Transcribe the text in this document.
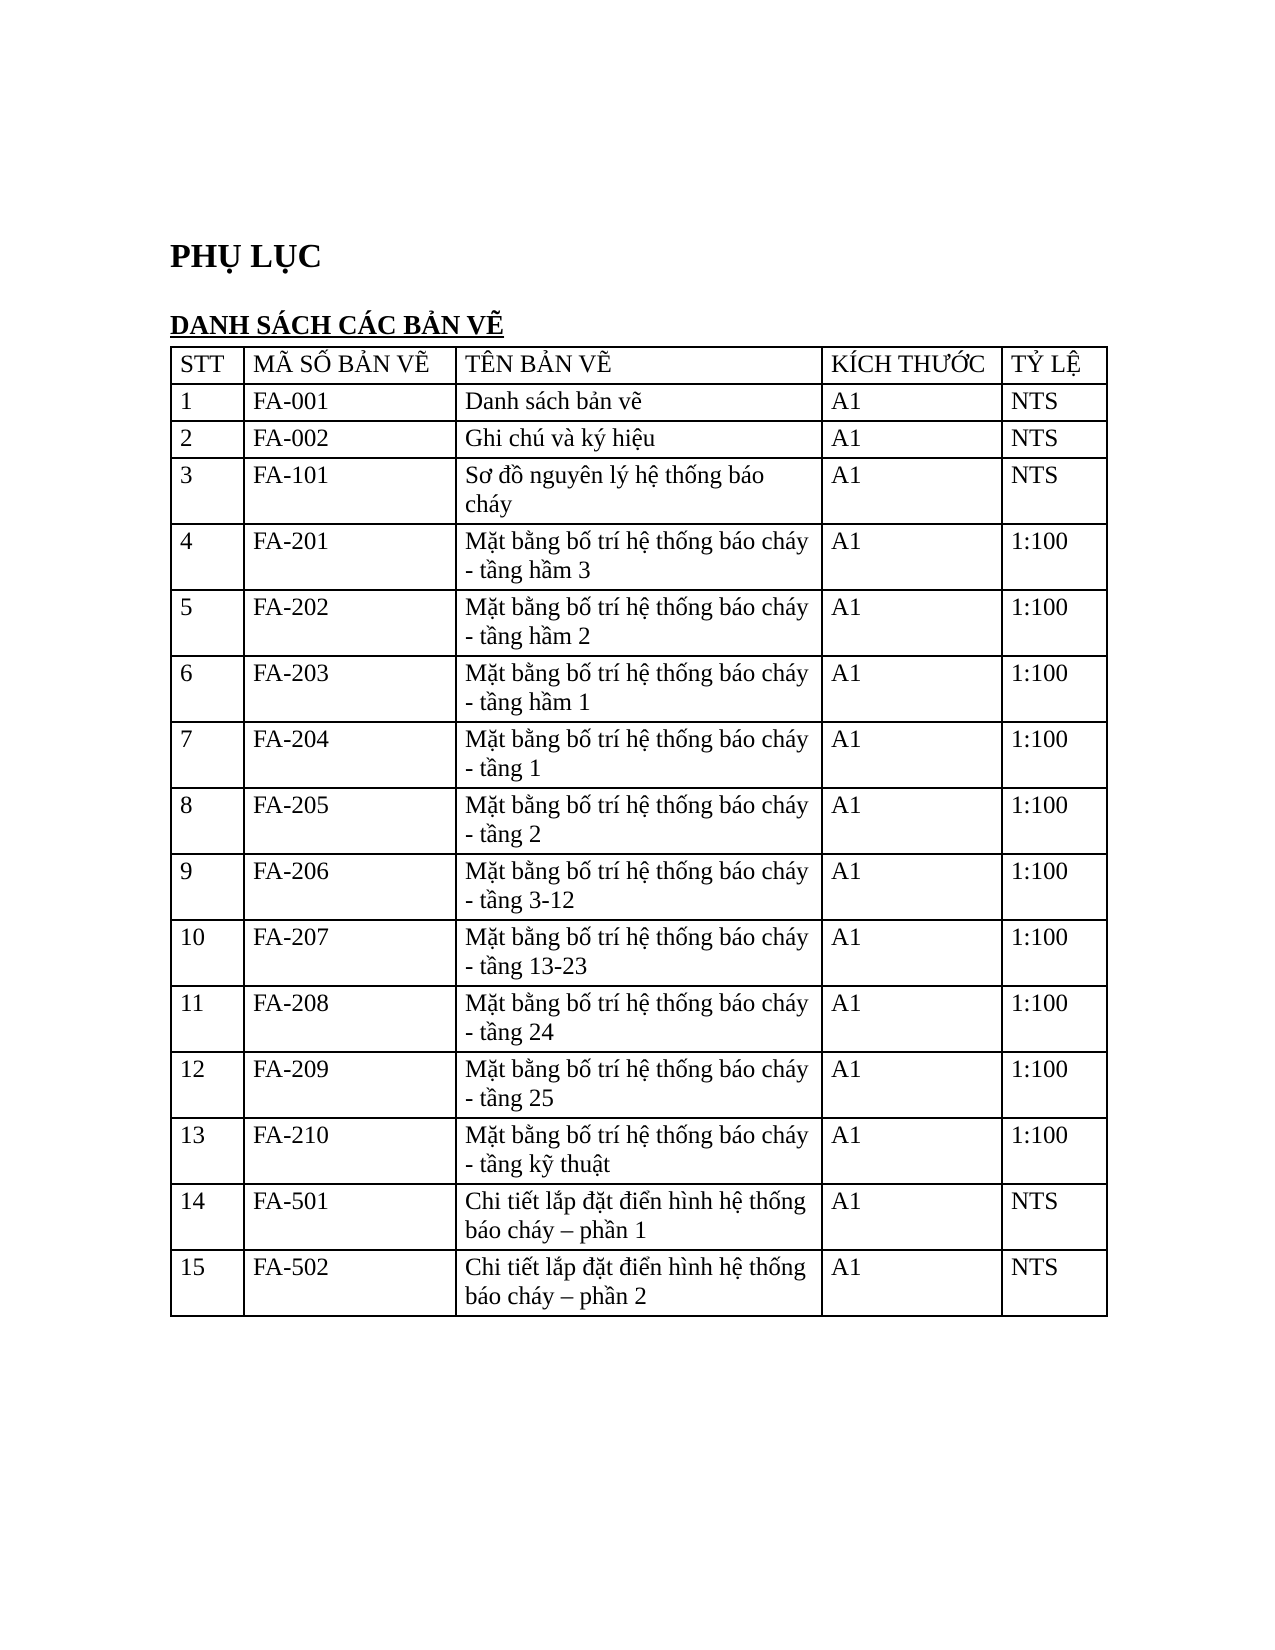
PHỤ LỤC
DANH SÁCH CÁC BẢN VẼ
STT	MÃ SỐ BẢN VẼ	TÊN BẢN VẼ	KÍCH THƯỚC	TỶ LỆ
1	FA-001	Danh sách bản vẽ	A1	NTS
2	FA-002	Ghi chú và ký hiệu	A1	NTS
3	FA-101	Sơ đồ nguyên lý hệ thống báo cháy	A1	NTS
4	FA-201	Mặt bằng bố trí hệ thống báo cháy - tầng hầm 3	A1	1:100
5	FA-202	Mặt bằng bố trí hệ thống báo cháy - tầng hầm 2	A1	1:100
6	FA-203	Mặt bằng bố trí hệ thống báo cháy - tầng hầm 1	A1	1:100
7	FA-204	Mặt bằng bố trí hệ thống báo cháy - tầng 1	A1	1:100
8	FA-205	Mặt bằng bố trí hệ thống báo cháy - tầng 2	A1	1:100
9	FA-206	Mặt bằng bố trí hệ thống báo cháy - tầng 3-12	A1	1:100
10	FA-207	Mặt bằng bố trí hệ thống báo cháy - tầng 13-23	A1	1:100
11	FA-208	Mặt bằng bố trí hệ thống báo cháy - tầng 24	A1	1:100
12	FA-209	Mặt bằng bố trí hệ thống báo cháy - tầng 25	A1	1:100
13	FA-210	Mặt bằng bố trí hệ thống báo cháy - tầng kỹ thuật	A1	1:100
14	FA-501	Chi tiết lắp đặt điển hình hệ thống báo cháy – phần 1	A1	NTS
15	FA-502	Chi tiết lắp đặt điển hình hệ thống báo cháy – phần 2	A1	NTS
